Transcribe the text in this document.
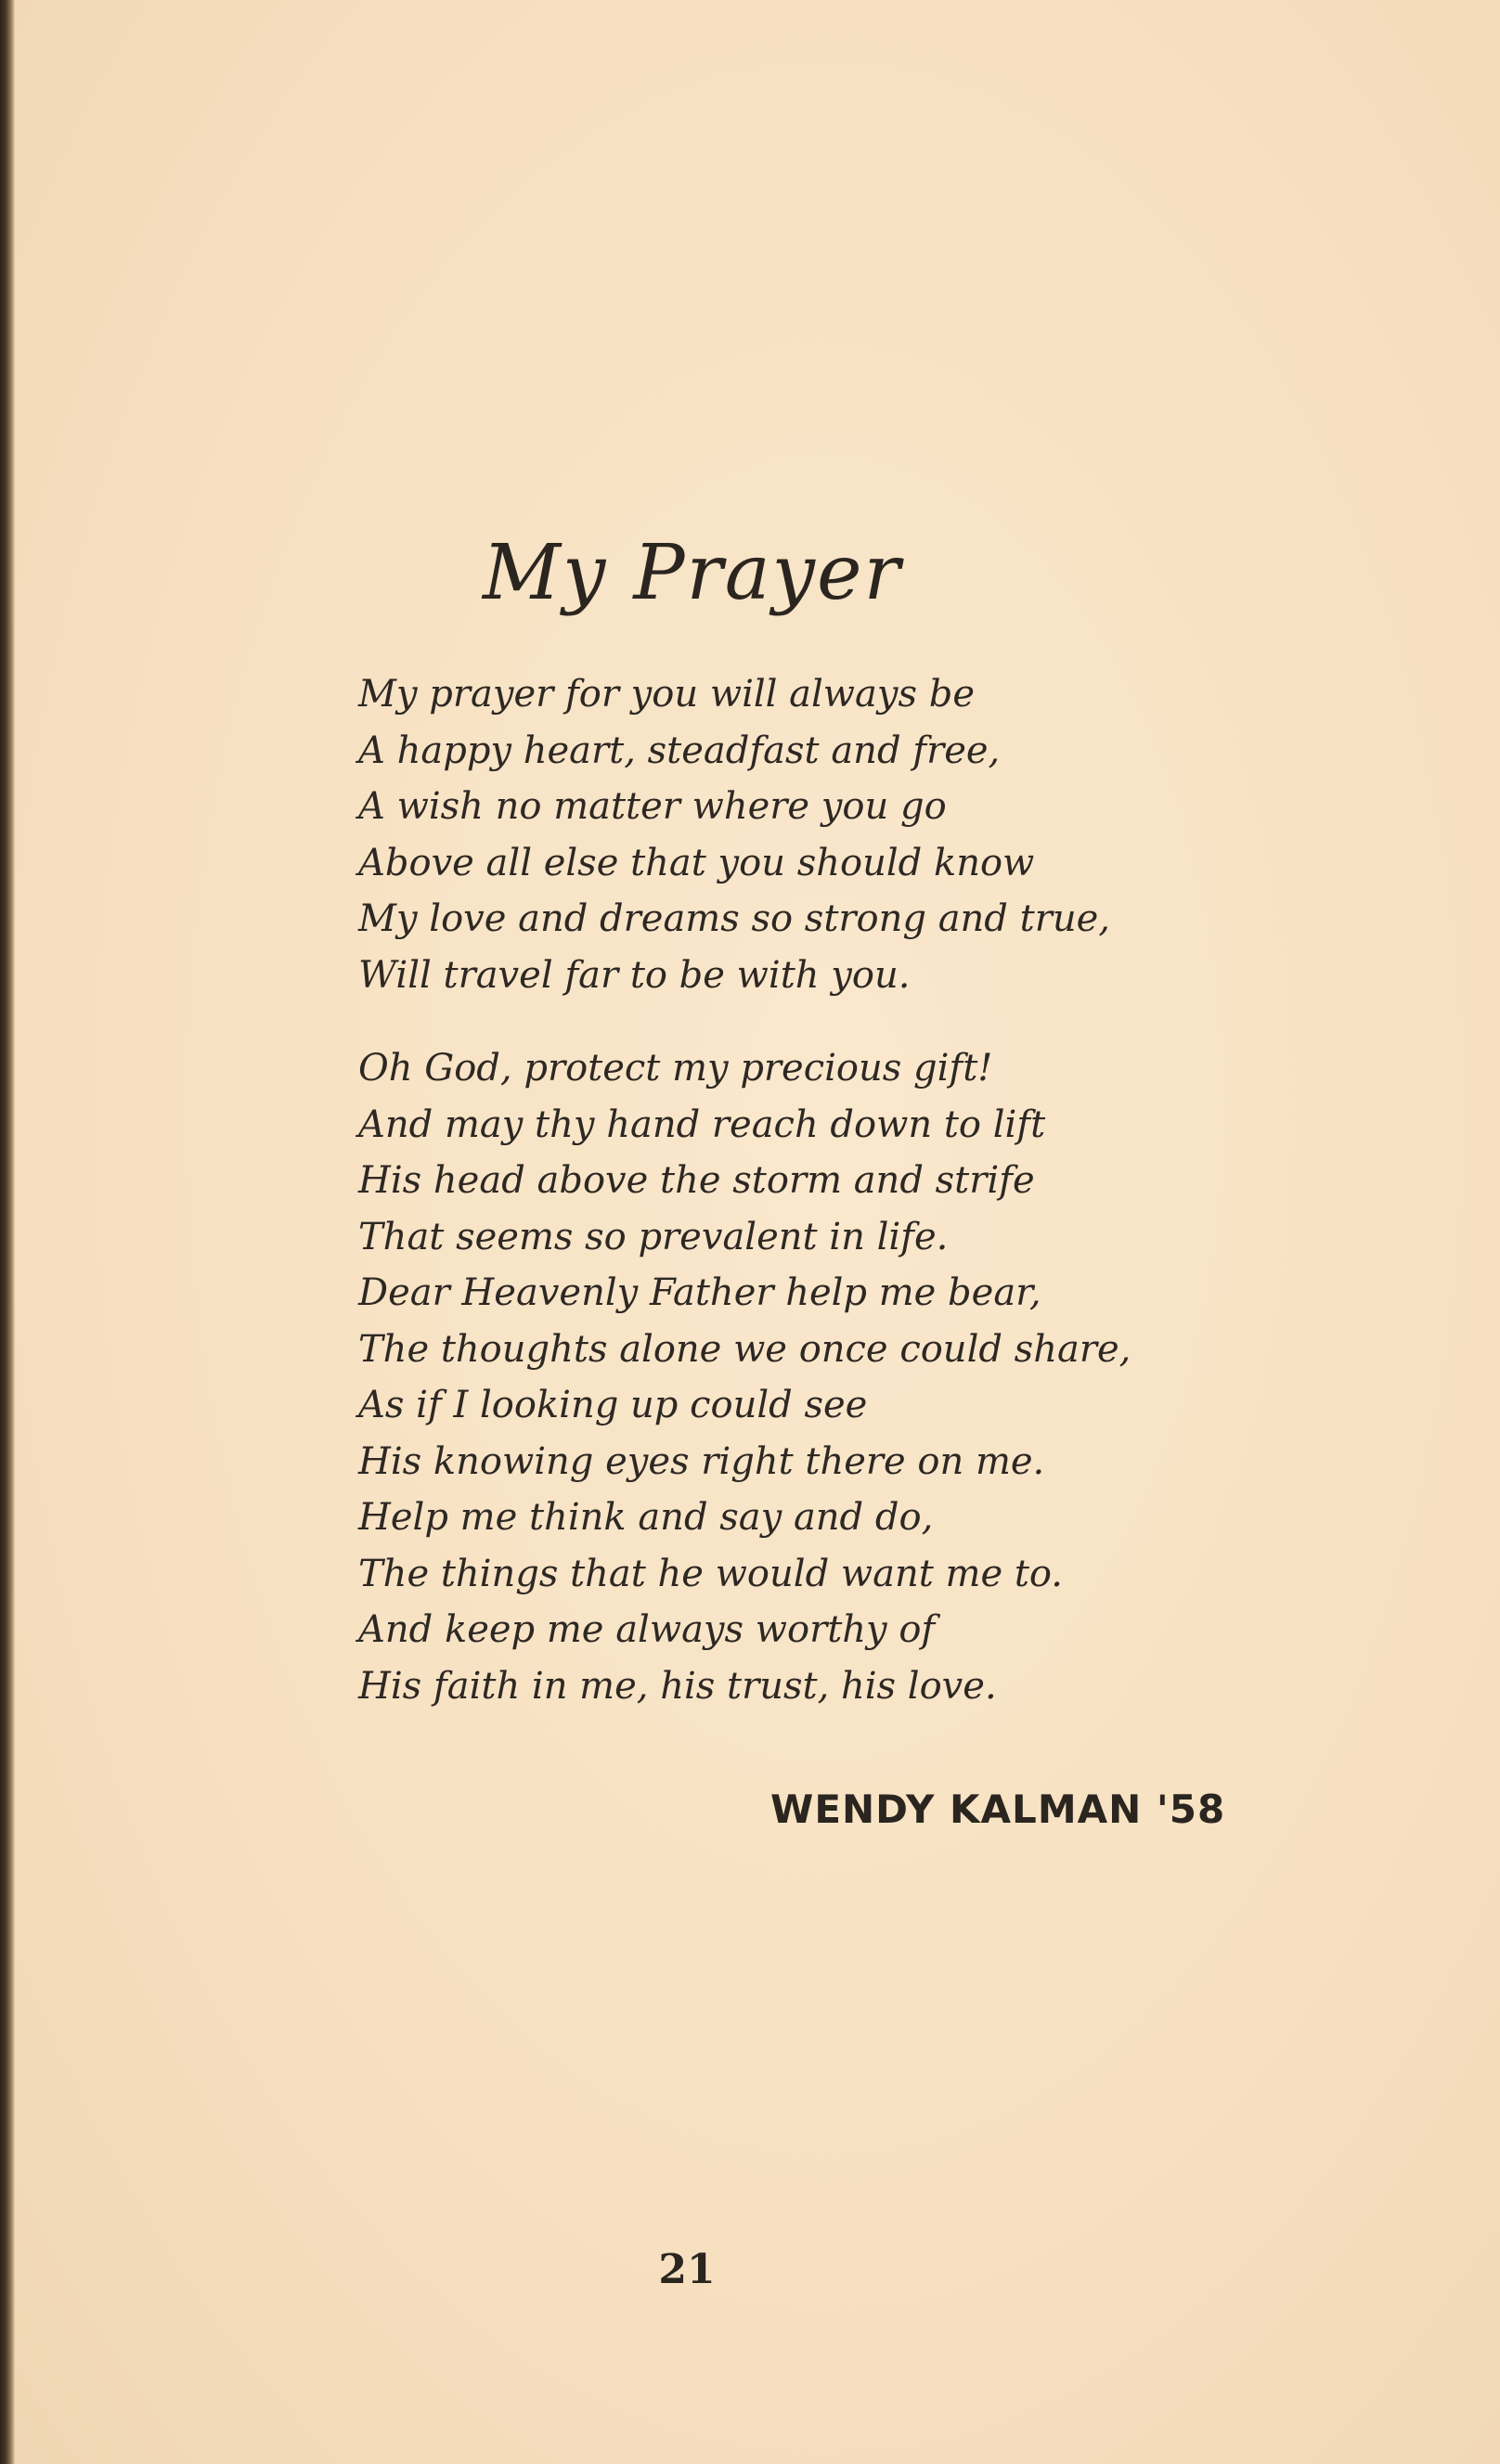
My Prayer
My prayer for you will always be
A happy heart, steadfast and free,
A wish no matter where you go
Above all else that you should know
My love and dreams so strong and true,
Will travel far to be with you.
Oh God, protect my precious gift!
And may thy hand reach down to lift
His head above the storm and strife
That seems so prevalent in life.
Dear Heavenly Father help me bear,
The thoughts alone we once could share,
As if I looking up could see
His knowing eyes right there on me.
Help me think and say and do,
The things that he would want me to.
And keep me always worthy of
His faith in me, his trust, his love.
WENDY KALMAN '58
21
